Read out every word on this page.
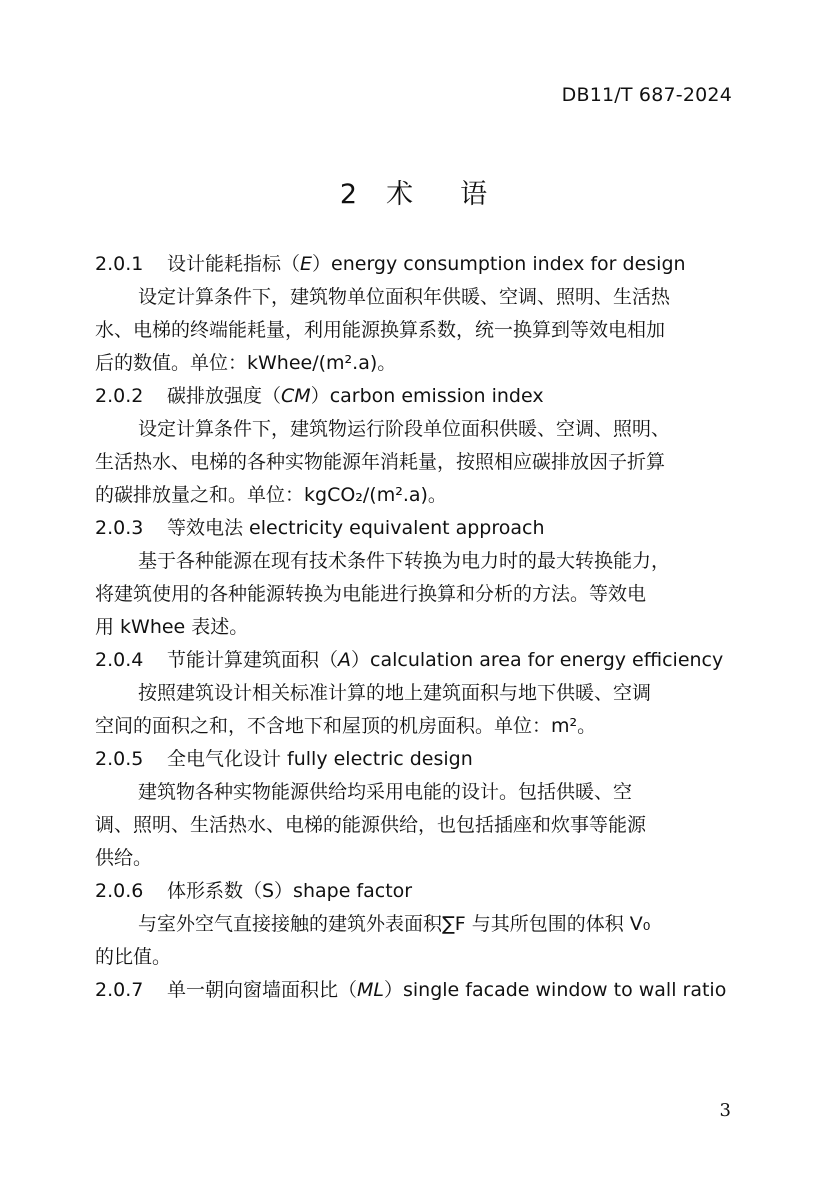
DB11/T 687-2024
2 术 语
2.0.1 设计能耗指标（E）energy consumption index for design
设定计算条件下，建筑物单位面积年供暖、空调、照明、生活热
水、电梯的终端能耗量，利用能源换算系数，统一换算到等效电相加
后的数值。单位：kWhee/(m².a)。
2.0.2 碳排放强度（CM）carbon emission index
设定计算条件下，建筑物运行阶段单位面积供暖、空调、照明、
生活热水、电梯的各种实物能源年消耗量，按照相应碳排放因子折算
的碳排放量之和。单位：kgCO₂/(m².a)。
2.0.3 等效电法 electricity equivalent approach
基于各种能源在现有技术条件下转换为电力时的最大转换能力，
将建筑使用的各种能源转换为电能进行换算和分析的方法。等效电
用 kWhee 表述。
2.0.4 节能计算建筑面积（A）calculation area for energy efficiency
按照建筑设计相关标准计算的地上建筑面积与地下供暖、空调
空间的面积之和，不含地下和屋顶的机房面积。单位：m²。
2.0.5 全电气化设计 fully electric design
建筑物各种实物能源供给均采用电能的设计。包括供暖、空
调、照明、生活热水、电梯的能源供给，也包括插座和炊事等能源
供给。
2.0.6 体形系数（S）shape factor
与室外空气直接接触的建筑外表面积∑F 与其所包围的体积 V₀
的比值。
2.0.7 单一朝向窗墙面积比（ML）single facade window to wall ratio
3
